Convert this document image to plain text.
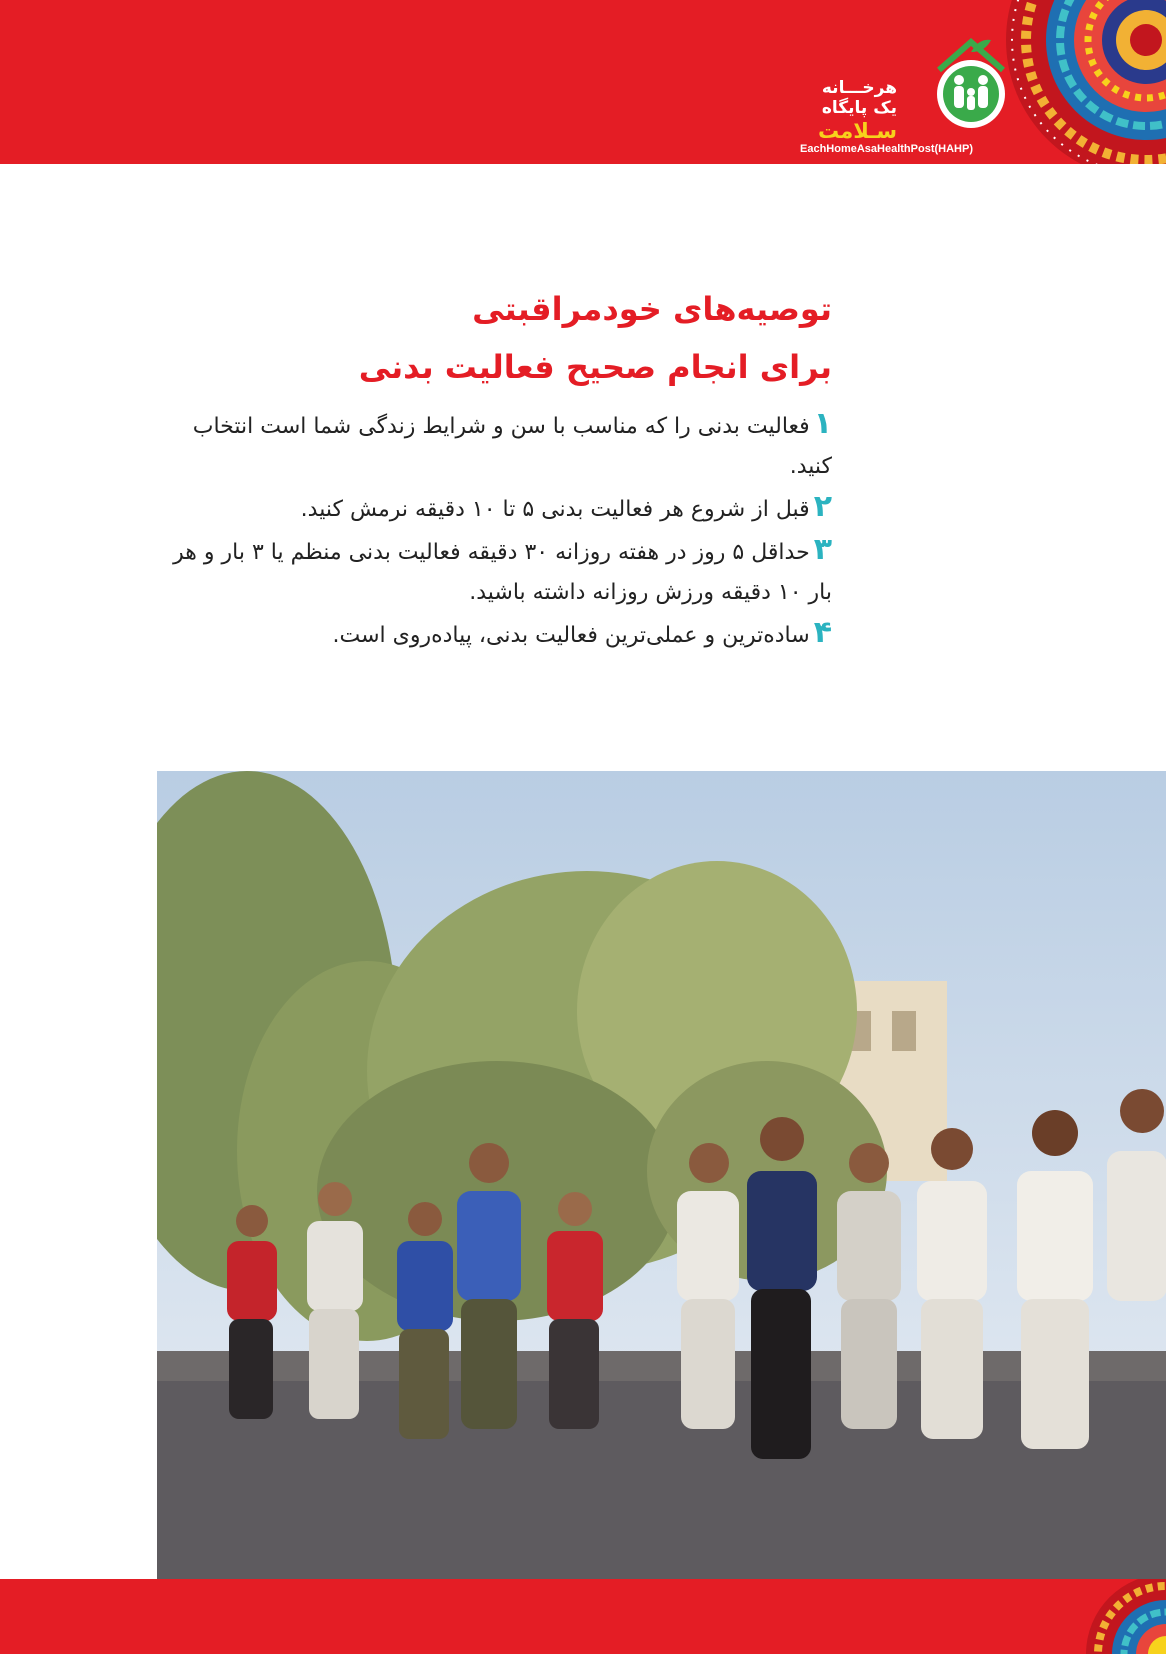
هرخـــانه
یک پایگاه
سـلامت
EachHomeAsaHealthPost(HAHP)
توصیه‌های خودمراقبتی
برای انجام صحیح فعالیت بدنی
۱فعالیت بدنی را که مناسب با سن و شرایط زندگی شما است انتخاب کنید.
۲قبل از شروع هر فعالیت بدنی ۵ تا ۱۰ دقیقه نرمش کنید.
۳حداقل ۵ روز در هفته روزانه ۳۰ دقیقه فعالیت بدنی منظم یا ۳ بار و هر بار ۱۰ دقیقه ورزش روزانه داشته باشید.
۴ساده‌ترین و عملی‌ترین فعالیت بدنی، پیاده‌روی است.
